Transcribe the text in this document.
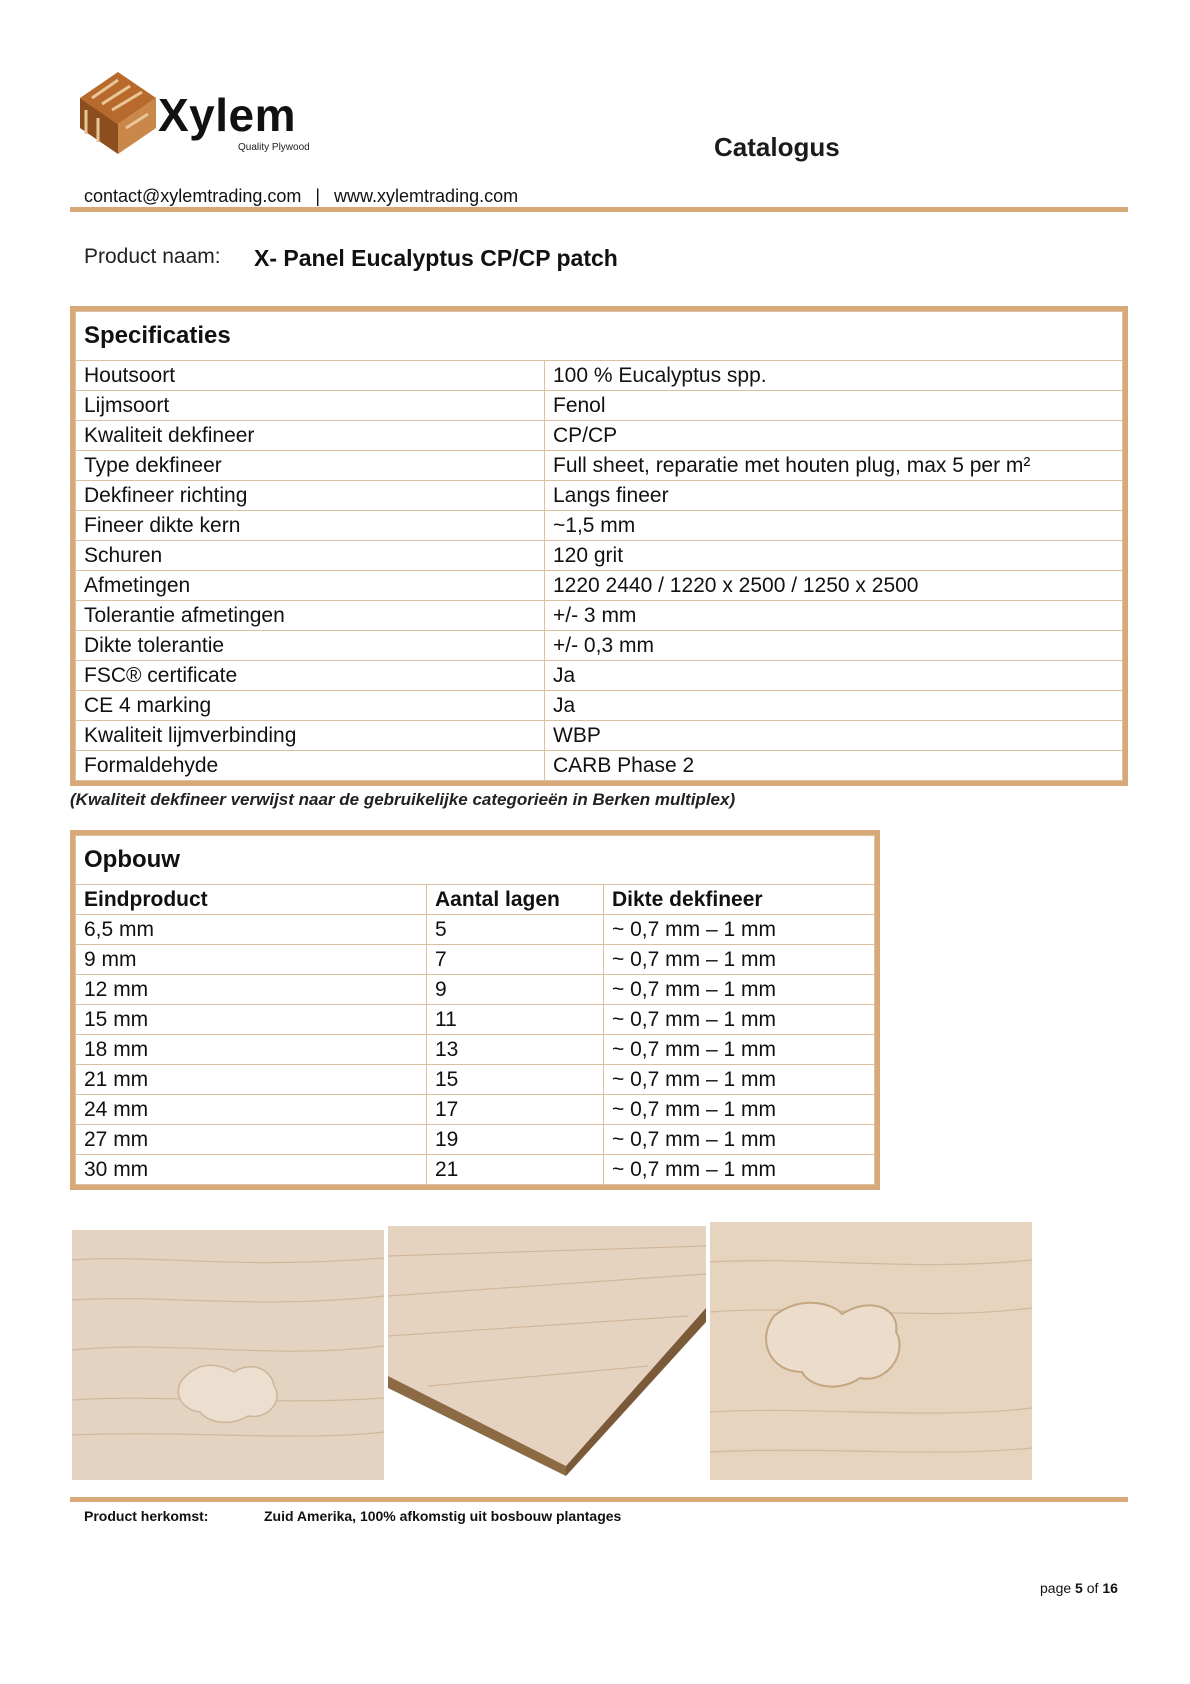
Xylem
Quality Plywood	Catalogus
contact@xylemtrading.com | www.xylemtrading.com
Product naam: X- Panel Eucalyptus CP/CP patch
Specificaties	
Houtsoort	100 % Eucalyptus spp.
Lijmsoort	Fenol
Kwaliteit dekfineer	CP/CP
Type dekfineer	Full sheet, reparatie met houten plug, max 5 per m²
Dekfineer richting	Langs fineer
Fineer dikte kern	~1,5 mm
Schuren	120 grit
Afmetingen	1220 2440 / 1220 x 2500 / 1250 x 2500
Tolerantie afmetingen	+/- 3 mm
Dikte tolerantie	+/- 0,3 mm
FSC® certificate	Ja
CE 4 marking	Ja
Kwaliteit lijmverbinding	WBP
Formaldehyde	CARB Phase 2
(Kwaliteit dekfineer verwijst naar de gebruikelijke categorieën in Berken multiplex)
Opbouw		
Eindproduct	Aantal lagen	Dikte dekfineer
6,5 mm	5	~ 0,7 mm – 1 mm
9 mm	7	~ 0,7 mm – 1 mm
12 mm	9	~ 0,7 mm – 1 mm
15 mm	11	~ 0,7 mm – 1 mm
18 mm	13	~ 0,7 mm – 1 mm
21 mm	15	~ 0,7 mm – 1 mm
24 mm	17	~ 0,7 mm – 1 mm
27 mm	19	~ 0,7 mm – 1 mm
30 mm	21	~ 0,7 mm – 1 mm
Product herkomst:	Zuid Amerika, 100% afkomstig uit bosbouw plantages
page 5 of 16
